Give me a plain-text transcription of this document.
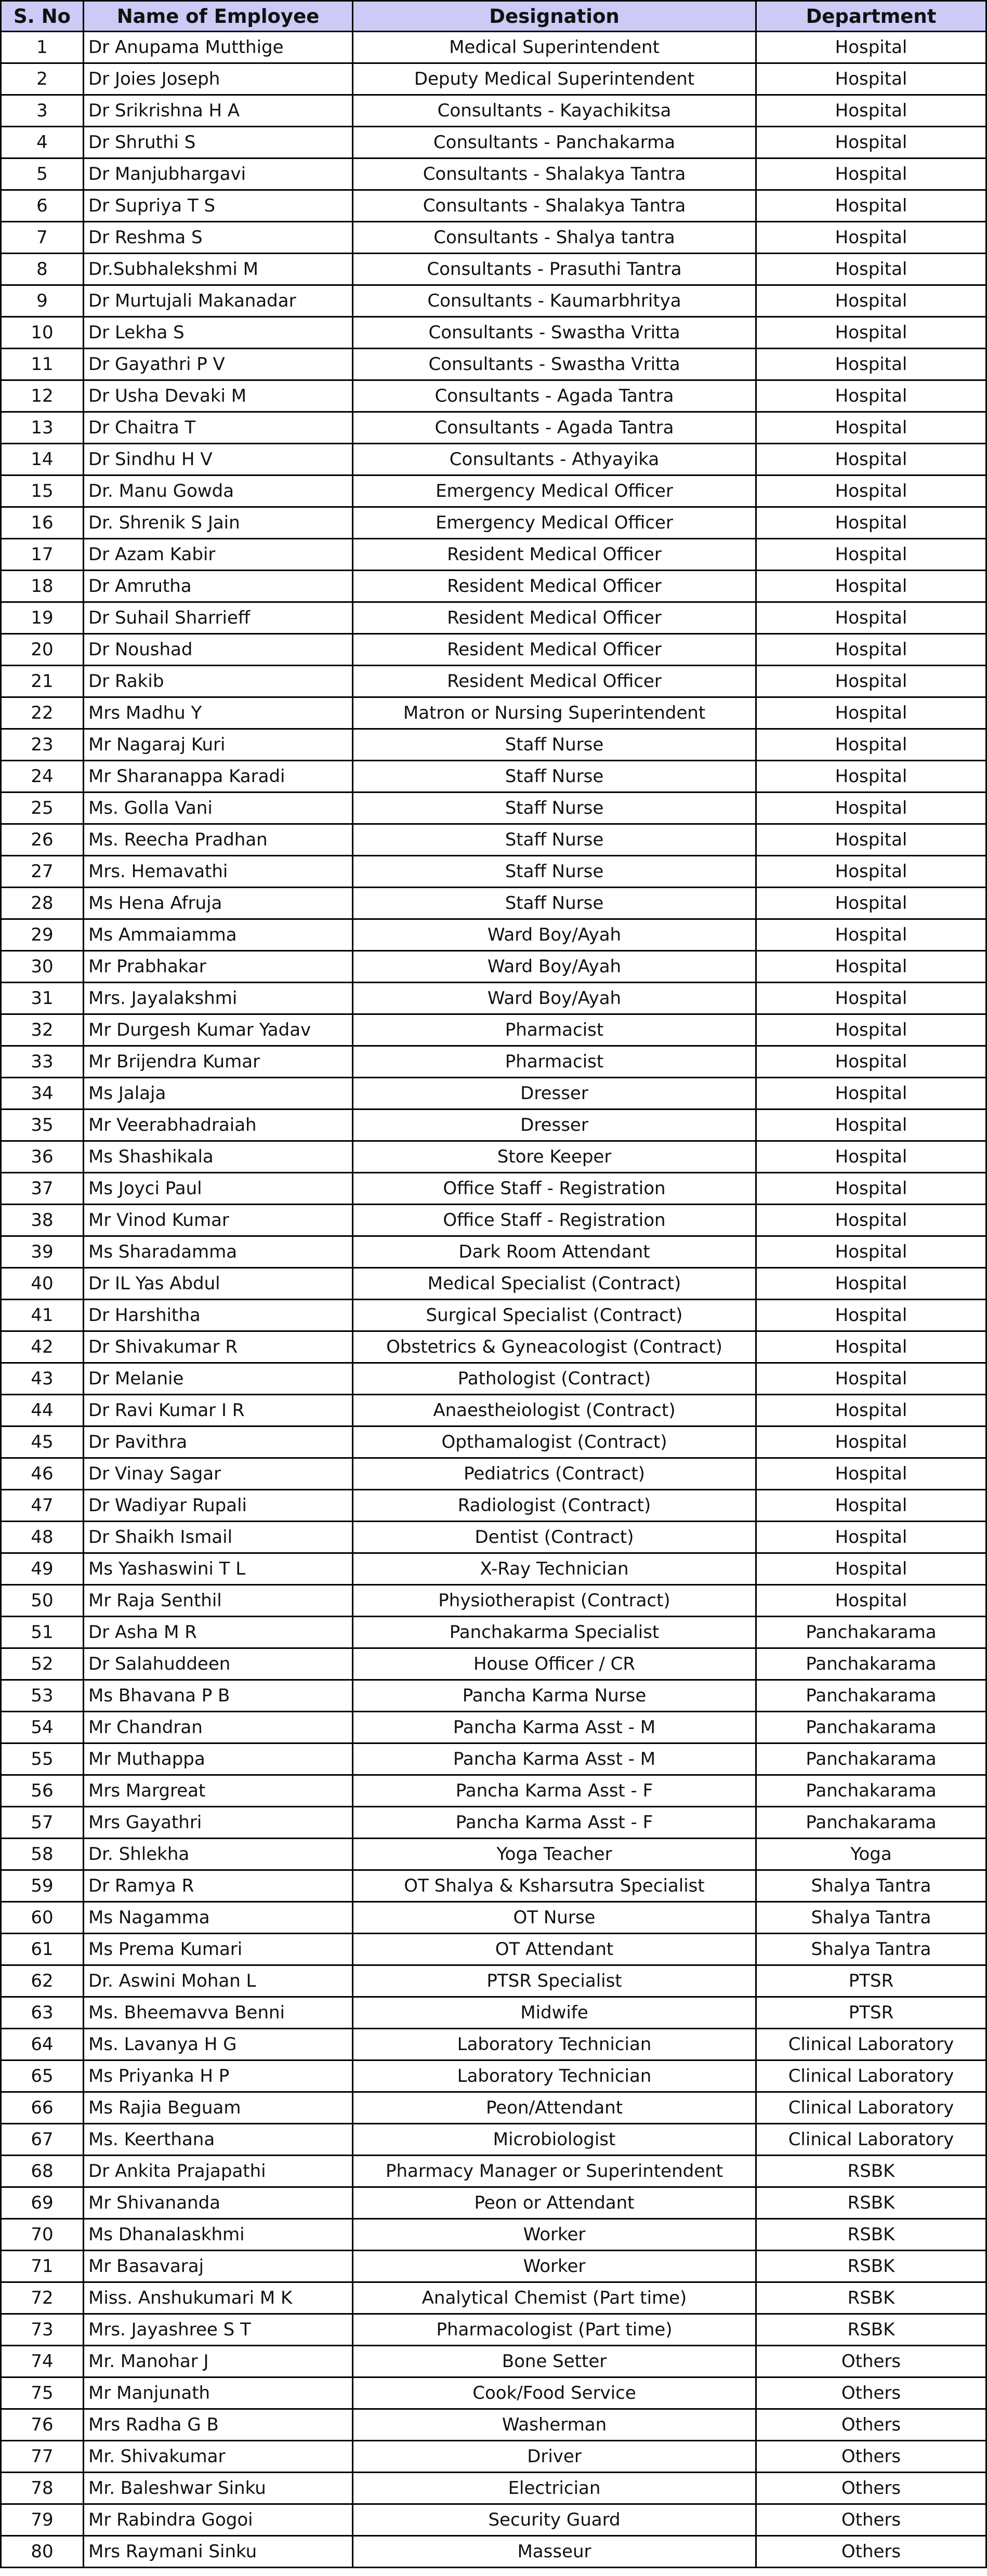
S. No	Name of Employee	Designation	Department
1	Dr Anupama Mutthige	Medical Superintendent	Hospital
2	Dr Joies Joseph	Deputy Medical Superintendent	Hospital
3	Dr Srikrishna H A	Consultants - Kayachikitsa	Hospital
4	Dr Shruthi S	Consultants - Panchakarma	Hospital
5	Dr Manjubhargavi	Consultants - Shalakya Tantra	Hospital
6	Dr Supriya T S	Consultants - Shalakya Tantra	Hospital
7	Dr Reshma S	Consultants - Shalya tantra	Hospital
8	Dr.Subhalekshmi M	Consultants - Prasuthi Tantra	Hospital
9	Dr Murtujali Makanadar	Consultants - Kaumarbhritya	Hospital
10	Dr Lekha S	Consultants - Swastha Vritta	Hospital
11	Dr Gayathri P V	Consultants - Swastha Vritta	Hospital
12	Dr Usha Devaki M	Consultants - Agada Tantra	Hospital
13	Dr Chaitra T	Consultants - Agada Tantra	Hospital
14	Dr Sindhu H V	Consultants - Athyayika	Hospital
15	Dr. Manu Gowda	Emergency Medical Officer	Hospital
16	Dr. Shrenik S Jain	Emergency Medical Officer	Hospital
17	Dr Azam Kabir	Resident Medical Officer	Hospital
18	Dr Amrutha	Resident Medical Officer	Hospital
19	Dr Suhail Sharrieff	Resident Medical Officer	Hospital
20	Dr Noushad	Resident Medical Officer	Hospital
21	Dr Rakib	Resident Medical Officer	Hospital
22	Mrs Madhu Y	Matron or Nursing Superintendent	Hospital
23	Mr Nagaraj Kuri	Staff Nurse	Hospital
24	Mr Sharanappa Karadi	Staff Nurse	Hospital
25	Ms. Golla Vani	Staff Nurse	Hospital
26	Ms. Reecha Pradhan	Staff Nurse	Hospital
27	Mrs. Hemavathi	Staff Nurse	Hospital
28	Ms Hena Afruja	Staff Nurse	Hospital
29	Ms Ammaiamma	Ward Boy/Ayah	Hospital
30	Mr Prabhakar	Ward Boy/Ayah	Hospital
31	Mrs. Jayalakshmi	Ward Boy/Ayah	Hospital
32	Mr Durgesh Kumar Yadav	Pharmacist	Hospital
33	Mr Brijendra Kumar	Pharmacist	Hospital
34	Ms Jalaja	Dresser	Hospital
35	Mr Veerabhadraiah	Dresser	Hospital
36	Ms Shashikala	Store Keeper	Hospital
37	Ms Joyci Paul	Office Staff - Registration	Hospital
38	Mr Vinod Kumar	Office Staff - Registration	Hospital
39	Ms Sharadamma	Dark Room Attendant	Hospital
40	Dr IL Yas Abdul	Medical Specialist (Contract)	Hospital
41	Dr Harshitha	Surgical Specialist (Contract)	Hospital
42	Dr Shivakumar R	Obstetrics & Gyneacologist (Contract)	Hospital
43	Dr Melanie	Pathologist (Contract)	Hospital
44	Dr Ravi Kumar I R	Anaestheiologist (Contract)	Hospital
45	Dr Pavithra	Opthamalogist (Contract)	Hospital
46	Dr Vinay Sagar	Pediatrics (Contract)	Hospital
47	Dr Wadiyar Rupali	Radiologist (Contract)	Hospital
48	Dr Shaikh Ismail	Dentist (Contract)	Hospital
49	Ms Yashaswini T L	X-Ray Technician	Hospital
50	Mr Raja Senthil	Physiotherapist (Contract)	Hospital
51	Dr Asha M R	Panchakarma Specialist	Panchakarama
52	Dr Salahuddeen	House Officer / CR	Panchakarama
53	Ms Bhavana P B	Pancha Karma Nurse	Panchakarama
54	Mr Chandran	Pancha Karma Asst - M	Panchakarama
55	Mr Muthappa	Pancha Karma Asst - M	Panchakarama
56	Mrs Margreat	Pancha Karma Asst - F	Panchakarama
57	Mrs Gayathri	Pancha Karma Asst - F	Panchakarama
58	Dr. Shlekha	Yoga Teacher	Yoga
59	Dr Ramya R	OT Shalya & Ksharsutra Specialist	Shalya Tantra
60	Ms Nagamma	OT Nurse	Shalya Tantra
61	Ms Prema Kumari	OT Attendant	Shalya Tantra
62	Dr. Aswini Mohan L	PTSR Specialist	PTSR
63	Ms. Bheemavva Benni	Midwife	PTSR
64	Ms. Lavanya H G	Laboratory Technician	Clinical Laboratory
65	Ms Priyanka H P	Laboratory Technician	Clinical Laboratory
66	Ms Rajia Beguam	Peon/Attendant	Clinical Laboratory
67	Ms. Keerthana	Microbiologist	Clinical Laboratory
68	Dr Ankita Prajapathi	Pharmacy Manager or Superintendent	RSBK
69	Mr Shivananda	Peon or Attendant	RSBK
70	Ms Dhanalaskhmi	Worker	RSBK
71	Mr Basavaraj	Worker	RSBK
72	Miss. Anshukumari M K	Analytical Chemist (Part time)	RSBK
73	Mrs. Jayashree S T	Pharmacologist (Part time)	RSBK
74	Mr. Manohar J	Bone Setter	Others
75	Mr Manjunath	Cook/Food Service	Others
76	Mrs Radha G B	Washerman	Others
77	Mr. Shivakumar	Driver	Others
78	Mr. Baleshwar Sinku	Electrician	Others
79	Mr Rabindra Gogoi	Security Guard	Others
80	Mrs Raymani Sinku	Masseur	Others
